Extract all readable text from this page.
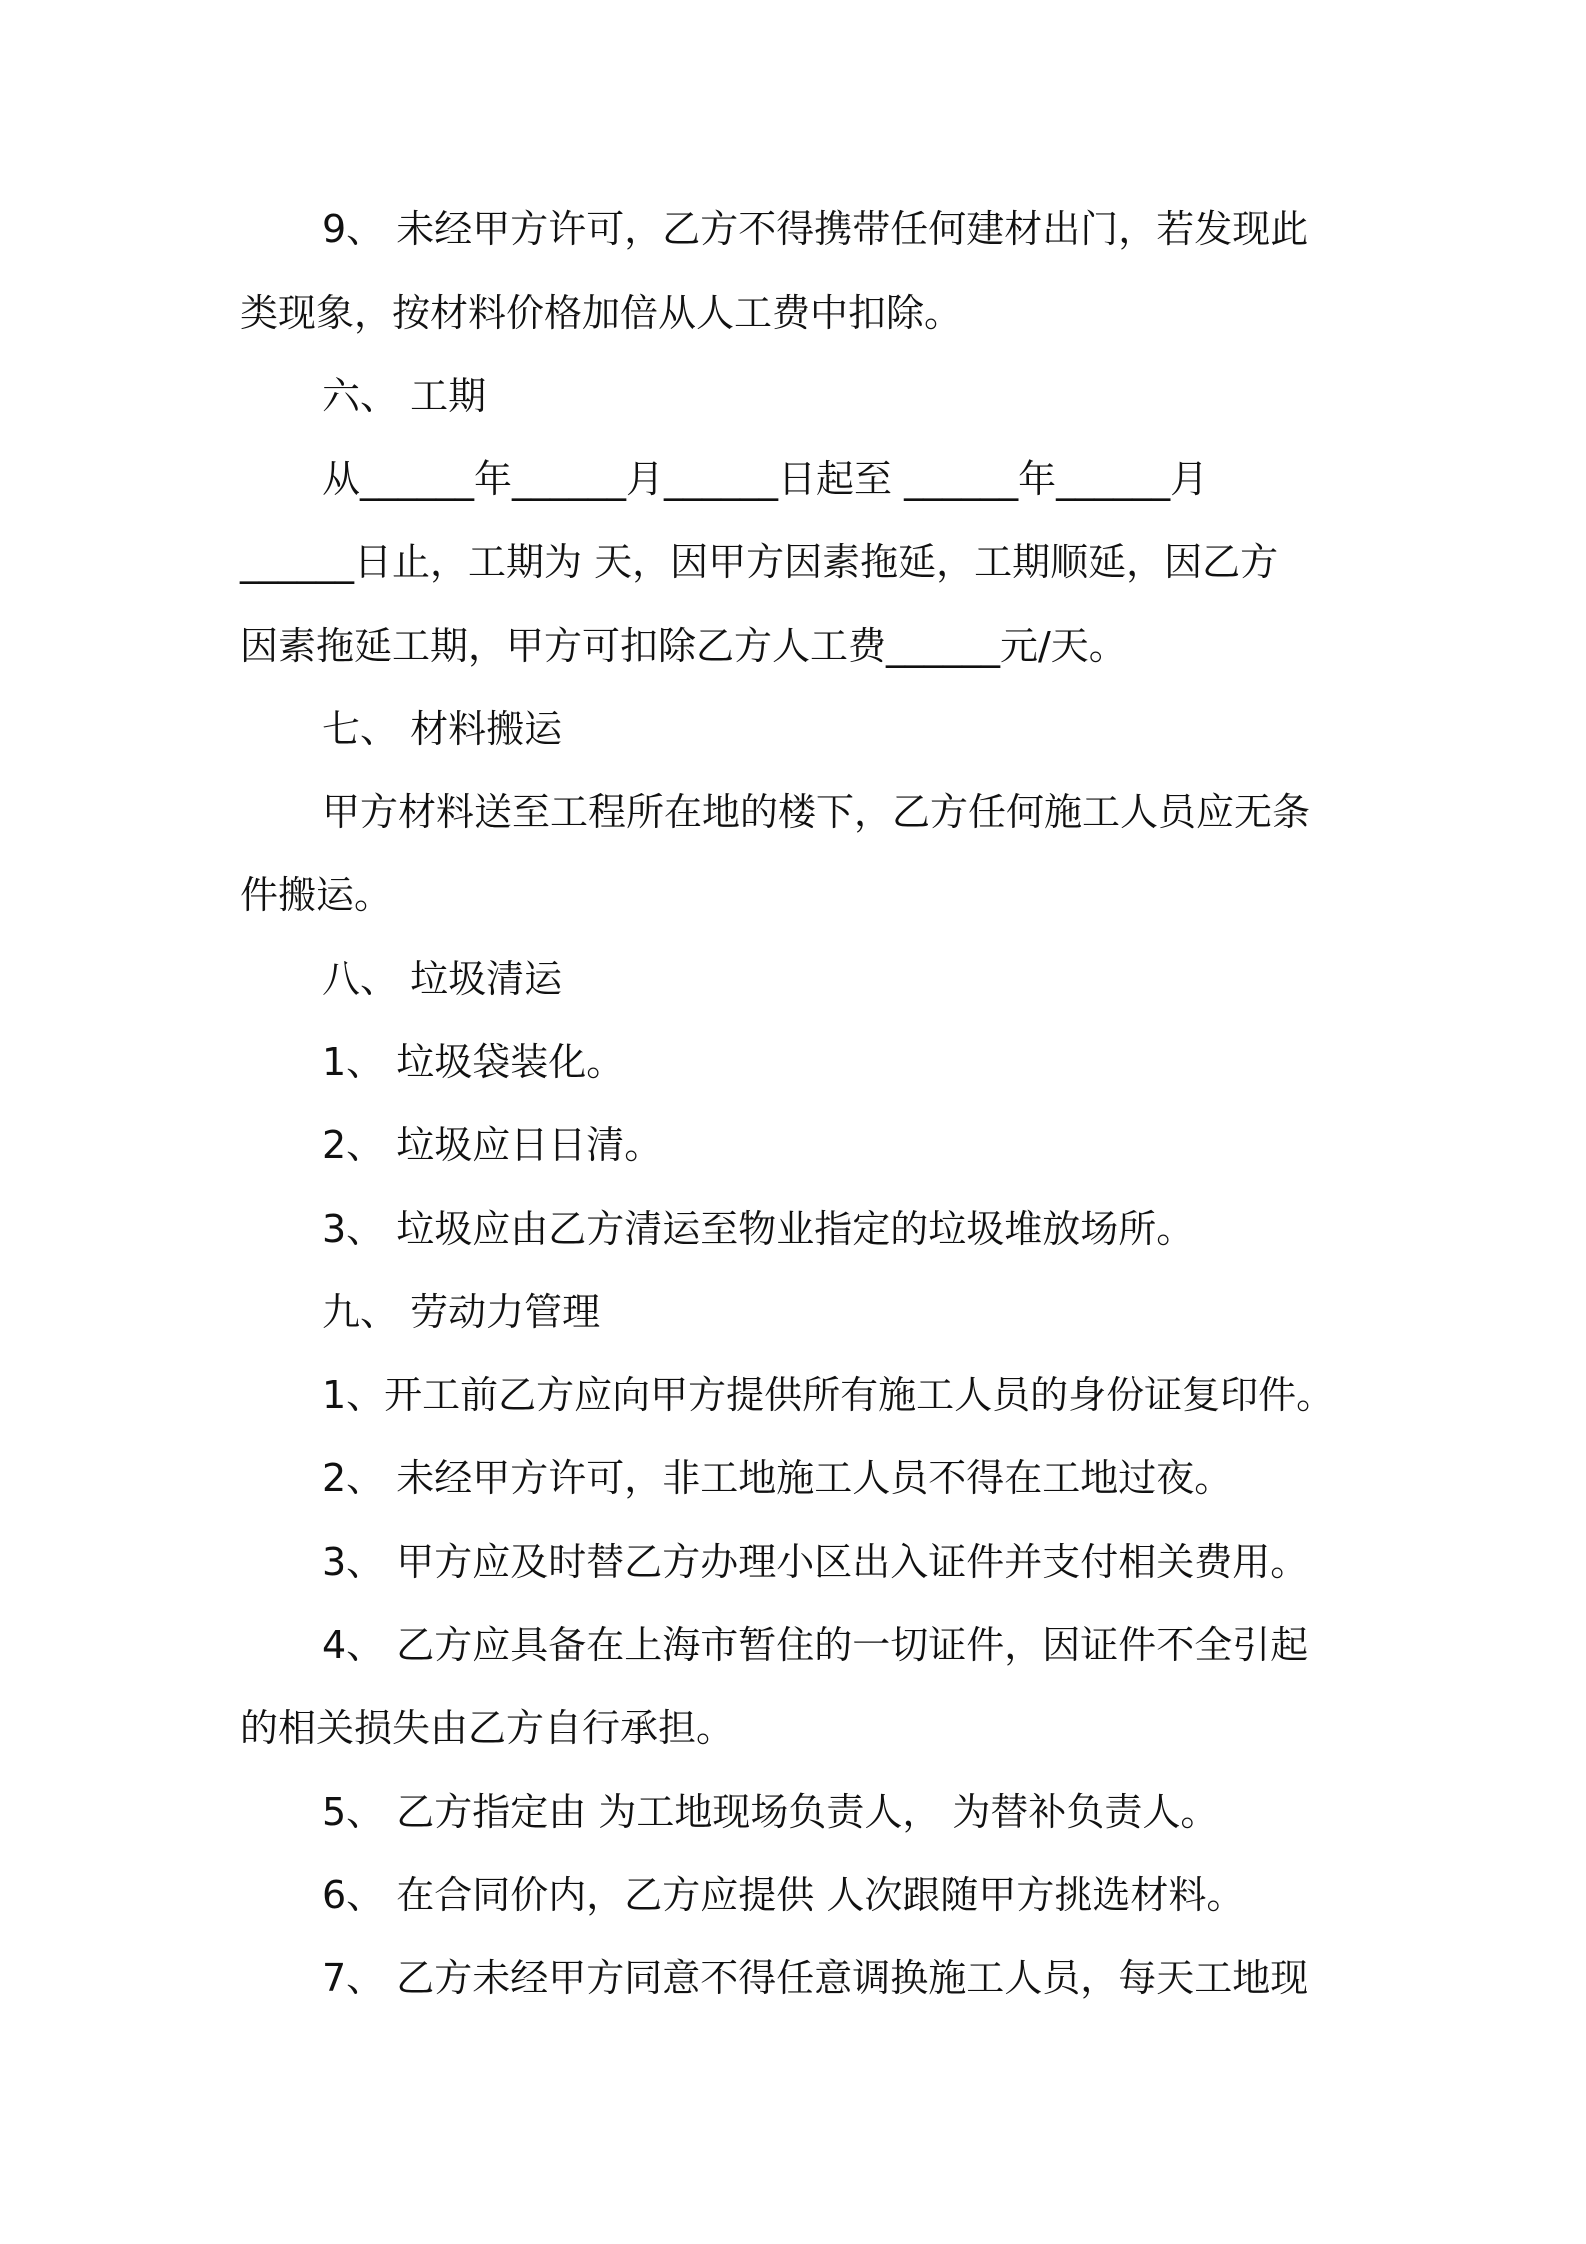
9、 未经甲方许可，乙方不得携带任何建材出门，若发现此
类现象，按材料价格加倍从人工费中扣除。
六、 工期
从______年______月______日起至 ______年______月
______日止，工期为 天，因甲方因素拖延，工期顺延，因乙方
因素拖延工期，甲方可扣除乙方人工费______元/天。
七、 材料搬运
甲方材料送至工程所在地的楼下，乙方任何施工人员应无条
件搬运。
八、 垃圾清运
1、 垃圾袋装化。
2、 垃圾应日日清。
3、 垃圾应由乙方清运至物业指定的垃圾堆放场所。
九、 劳动力管理
1、开工前乙方应向甲方提供所有施工人员的身份证复印件。
2、 未经甲方许可，非工地施工人员不得在工地过夜。
3、 甲方应及时替乙方办理小区出入证件并支付相关费用。
4、 乙方应具备在上海市暂住的一切证件，因证件不全引起
的相关损失由乙方自行承担。
5、 乙方指定由 为工地现场负责人， 为替补负责人。
6、 在合同价内，乙方应提供 人次跟随甲方挑选材料。
7、 乙方未经甲方同意不得任意调换施工人员，每天工地现
